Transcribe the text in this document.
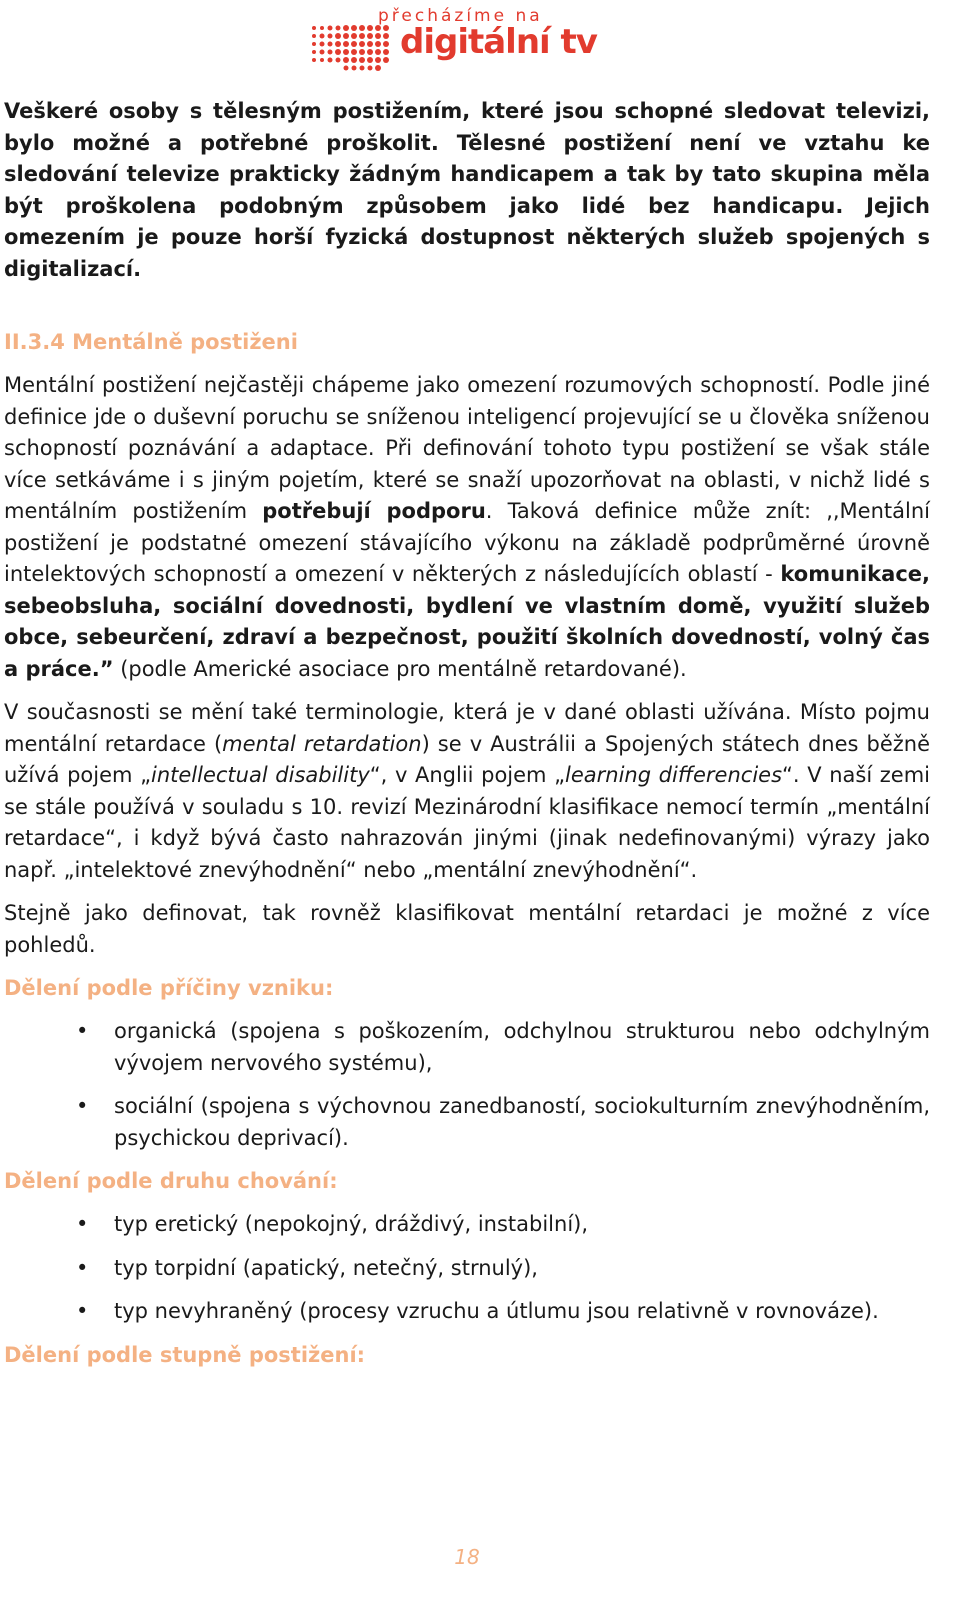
přecházíme na
digitální tv

Veškeré osoby s tělesným postižením, které jsou schopné sledovat televizi, bylo možné a potřebné proškolit. Tělesné postižení není ve vztahu ke sledování televize prakticky žádným handicapem a tak by tato skupina měla být proškolena podobným způsobem jako lidé bez handicapu. Jejich omezením je pouze horší fyzická dostupnost některých služeb spojených s digitalizací.

II.3.4 Mentálně postiženi

Mentální postižení nejčastěji chápeme jako omezení rozumových schopností. Podle jiné definice jde o duševní poruchu se sníženou inteligencí projevující se u člověka sníženou schopností poznávání a adaptace. Při definování tohoto typu postižení se však stále více setkáváme i s jiným pojetím, které se snaží upozorňovat na oblasti, v nichž lidé s mentálním postižením potřebují podporu. Taková definice může znít: ,,Mentální postižení je podstatné omezení stávajícího výkonu na základě podprůměrné úrovně intelektových schopností a omezení v některých z následujících oblastí - komunikace, sebeobsluha, sociální dovednosti, bydlení ve vlastním domě, využití služeb obce, sebeurčení, zdraví a bezpečnost, použití školních dovedností, volný čas a práce.” (podle Americké asociace pro mentálně retardované).

V současnosti se mění také terminologie, která je v dané oblasti užívána. Místo pojmu mentální retardace (mental retardation) se v Austrálii a Spojených státech dnes běžně užívá pojem „intellectual disability“, v Anglii pojem „learning differencies“. V naší zemi se stále používá v souladu s 10. revizí Mezinárodní klasifikace nemocí termín „mentální retardace“, i když bývá často nahrazován jinými (jinak nedefinovanými) výrazy jako např. „intelektové znevýhodnění“ nebo „mentální znevýhodnění“.

Stejně jako definovat, tak rovněž klasifikovat mentální retardaci je možné z více pohledů.

Dělení podle příčiny vzniku:
• organická (spojena s poškozením, odchylnou strukturou nebo odchylným vývojem nervového systému),
• sociální (spojena s výchovnou zanedbaností, sociokulturním znevýhodněním, psychickou deprivací).
Dělení podle druhu chování:
• typ eretický (nepokojný, dráždivý, instabilní),
• typ torpidní (apatický, netečný, strnulý),
• typ nevyhraněný (procesy vzruchu a útlumu jsou relativně v rovnováze).
Dělení podle stupně postižení:
18
